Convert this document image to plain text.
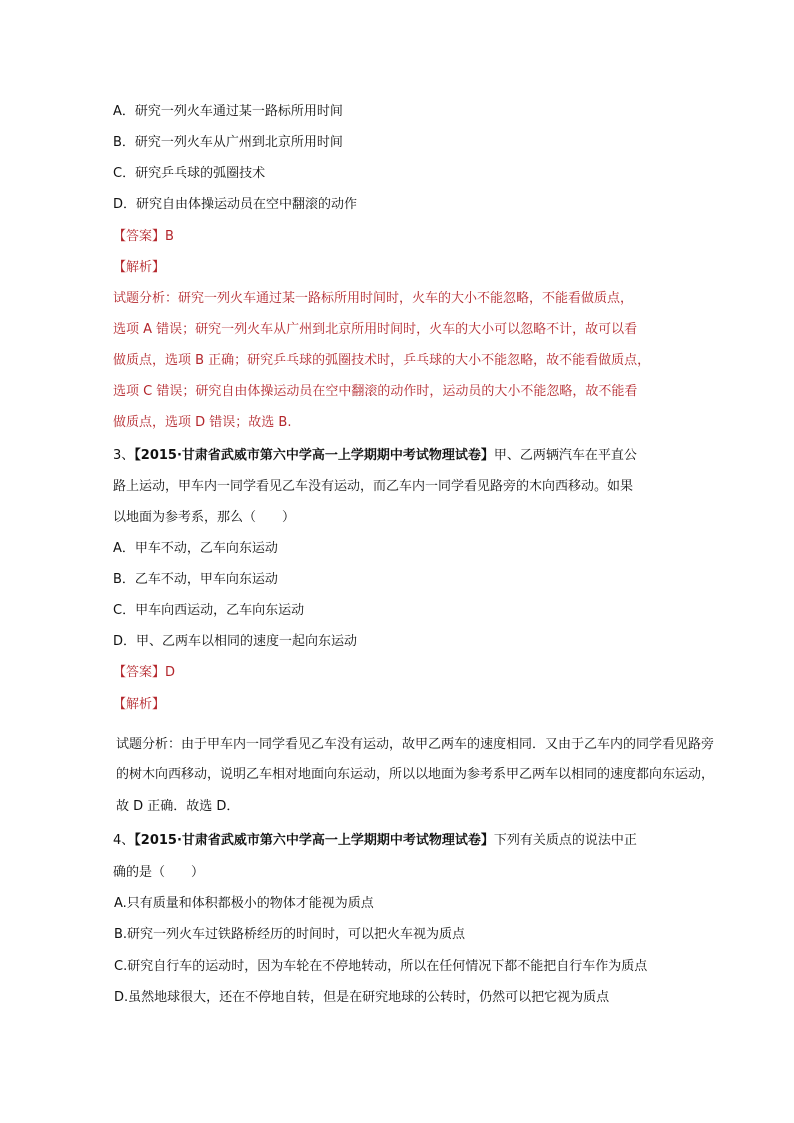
A．研究一列火车通过某一路标所用时间
B．研究一列火车从广州到北京所用时间
C．研究乒乓球的弧圈技术
D．研究自由体操运动员在空中翻滚的动作
【答案】B
【解析】
试题分析：研究一列火车通过某一路标所用时间时，火车的大小不能忽略，不能看做质点，
选项 A 错误；研究一列火车从广州到北京所用时间时，火车的大小可以忽略不计，故可以看
做质点，选项 B 正确；研究乒乓球的弧圈技术时，乒乓球的大小不能忽略，故不能看做质点，
选项 C 错误；研究自由体操运动员在空中翻滚的动作时，运动员的大小不能忽略，故不能看
做质点，选项 D 错误；故选 B.
3、【2015·甘肃省武威市第六中学高一上学期期中考试物理试卷】甲、乙两辆汽车在平直公
路上运动，甲车内一同学看见乙车没有运动，而乙车内一同学看见路旁的木向西移动。如果
以地面为参考系，那么（　　）
A．甲车不动，乙车向东运动
B．乙车不动，甲车向东运动
C．甲车向西运动，乙车向东运动
D．甲、乙两车以相同的速度一起向东运动
【答案】D
【解析】
试题分析：由于甲车内一同学看见乙车没有运动，故甲乙两车的速度相同．又由于乙车内的同学看见路旁
的树木向西移动，说明乙车相对地面向东运动，所以以地面为参考系甲乙两车以相同的速度都向东运动，
故 D 正确．故选 D．
4、【2015·甘肃省武威市第六中学高一上学期期中考试物理试卷】下列有关质点的说法中正
确的是（　　）
A.只有质量和体积都极小的物体才能视为质点
B.研究一列火车过铁路桥经历的时间时，可以把火车视为质点
C.研究自行车的运动时，因为车轮在不停地转动，所以在任何情况下都不能把自行车作为质点
D.虽然地球很大，还在不停地自转，但是在研究地球的公转时，仍然可以把它视为质点
